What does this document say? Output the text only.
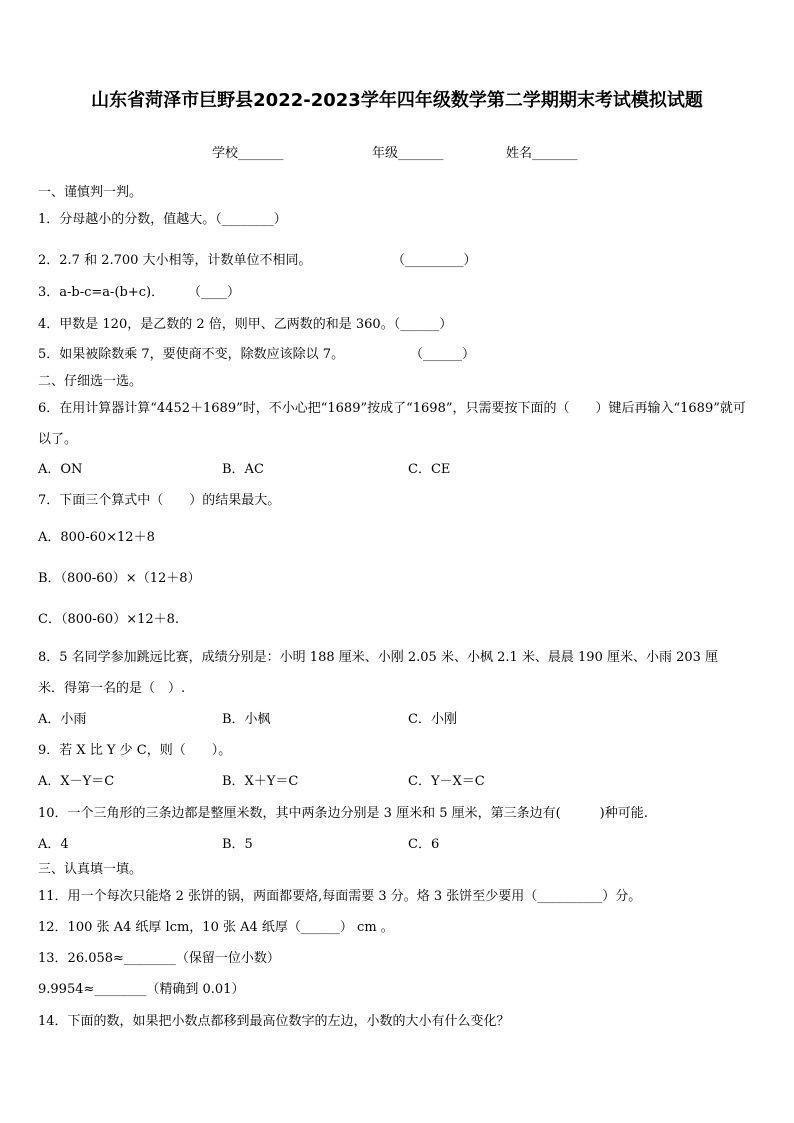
山东省菏泽市巨野县2022-2023学年四年级数学第二学期期末考试模拟试题
学校_______	年级_______	姓名_______
一、谨慎判一判。
1．分母越小的分数，值越大。（________）
2．2.7 和 2.700 大小相等，计数单位不相同。	（_________）
3．a-b-c=a-(b+c)． （____）
4．甲数是 120，是乙数的 2 倍，则甲、乙两数的和是 360。（______）
5．如果被除数乘 7，要使商不变，除数应该除以 7。	（______）
二、仔细选一选。
6．在用计算器计算“4452＋1689”时，不小心把“1689”按成了“1698”，只需要按下面的（　　）键后再输入“1689”就可
以了。
A．ON	B．AC	C．CE
7．下面三个算式中（　　）的结果最大。
A．800-60×12＋8
B．（800-60）×（12＋8）
C．（800-60）×12＋8.
8．5 名同学参加跳远比赛，成绩分别是：小明 188 厘米、小刚 2.05 米、小枫 2.1 米、晨晨 190 厘米、小雨 203 厘
米．得第一名的是（　）.
A．小雨	B．小枫	C．小刚
9．若 X 比 Y 少 C，则（　　）。
A．X－Y＝C	B．X＋Y＝C	C．Y－X＝C
10．一个三角形的三条边都是整厘米数，其中两条边分别是 3 厘米和 5 厘米，第三条边有(　　　)种可能.
A．4	B．5	C．6
三、认真填一填。
11．用一个每次只能烙 2 张饼的锅，两面都要烙,每面需要 3 分。烙 3 张饼至少要用（__________）分。
12．100 张 A4 纸厚 lcm，10 张 A4 纸厚（______） cm 。
13．26.058≈________（保留一位小数）
9.9954≈________（精确到 0.01）
14．下面的数，如果把小数点都移到最高位数字的左边，小数的大小有什么变化？
